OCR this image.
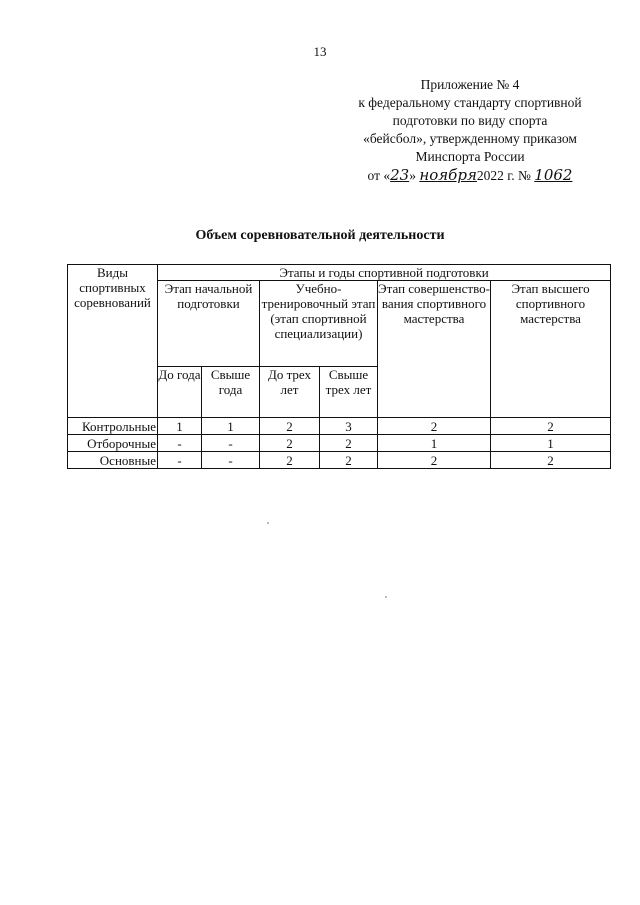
13
Приложение № 4
к федеральному стандарту спортивной
подготовки по виду спорта
«бейсбол», утвержденному приказом
Минспорта России
от «23» ноября2022 г. № 1062
Объем соревновательной деятельности
Виды спортивных соревнований	Этапы и годы спортивной подготовки					
	Этап начальной подготовки		Учебно-тренировочный этап (этап спортивной специализации)		Этап совершенство-вания спортивного мастерства	Этап высшего спортивного мастерства
	До года	Свыше года	До трех лет	Свыше трех лет		
Контрольные	1	1	2	3	2	2
Отборочные	-	-	2	2	1	1
Основные	-	-	2	2	2	2
